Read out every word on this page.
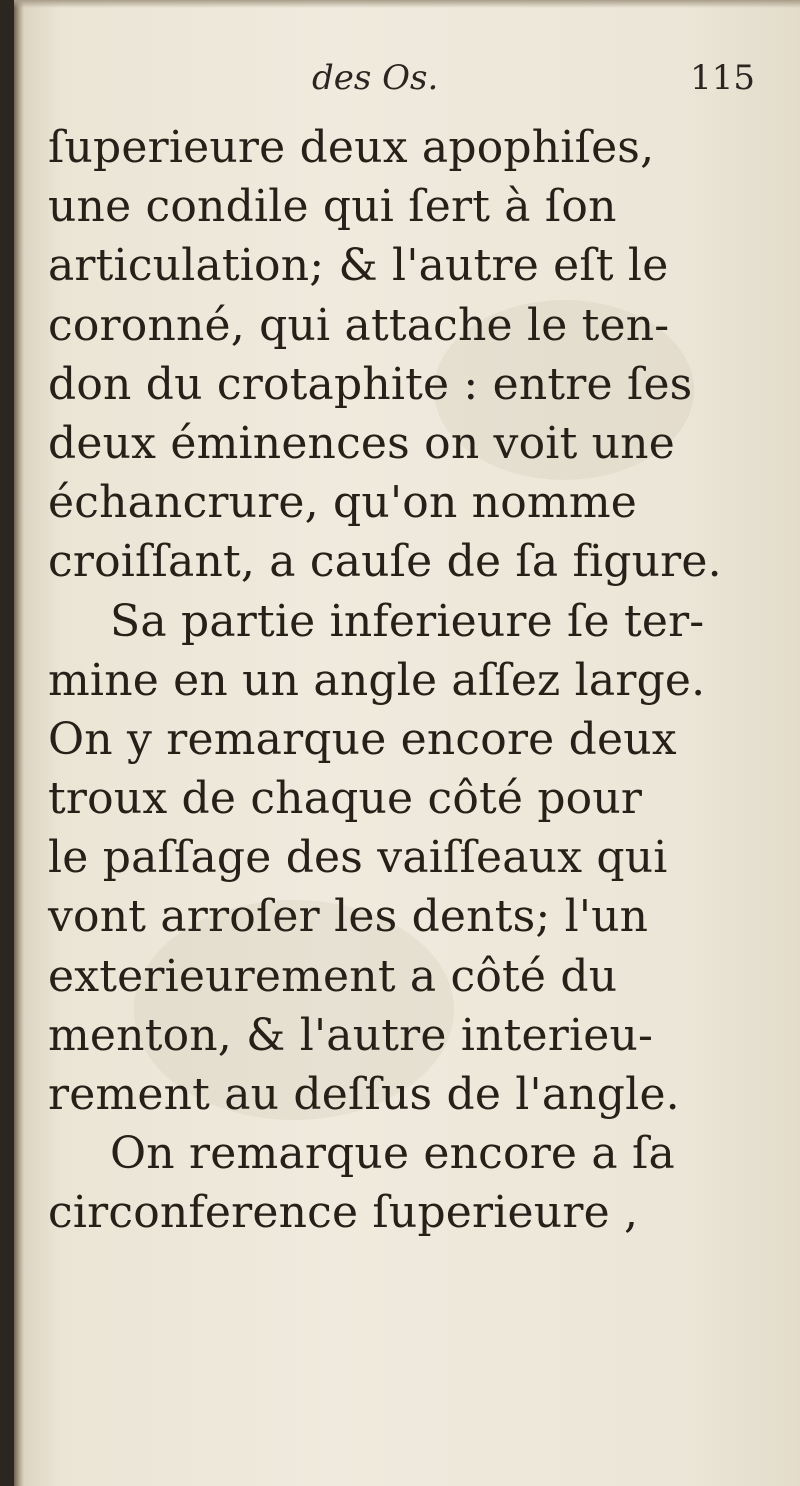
des Os.	115
ſuperieure deux apophiſes,
une condile qui ſert à ſon
articulation; & l'autre eſt le
coronné, qui attache le ten-
don du crotaphite : entre ſes
deux éminences on voit une
échancrure, qu'on nomme
croiſſant, a cauſe de ſa figure.
Sa partie inferieure ſe ter-
mine en un angle aſſez large.
On y remarque encore deux
troux de chaque côté pour
le paſſage des vaiſſeaux qui
vont arroſer les dents; l'un
exterieurement a côté du
menton, & l'autre interieu-
rement au deſſus de l'angle.
On remarque encore a ſa
circonference ſuperieure ,
